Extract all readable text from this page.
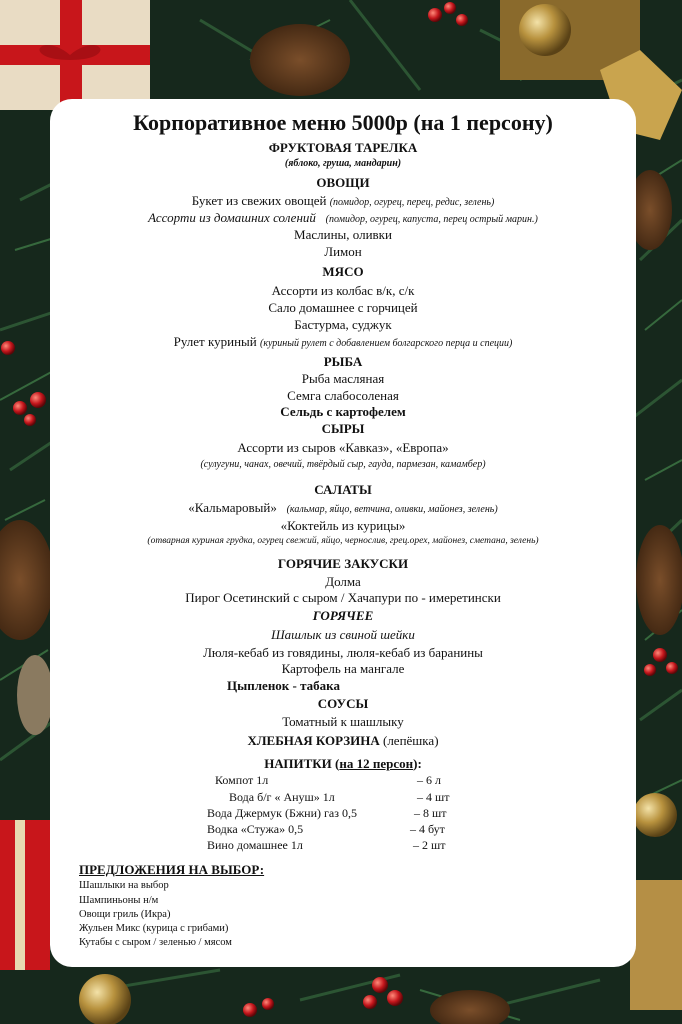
Корпоративное меню 5000р (на 1 персону)
ФРУКТОВАЯ ТАРЕЛКА
(яблоко, груша, мандарин)
ОВОЩИ
Букет из свежих овощей (помидор, огурец, перец, редис, зелень)
Ассорти из домашних солений (помидор, огурец, капуста, перец острый марин.)
Маслины, оливки
Лимон
МЯСО
Ассорти из колбас в/к, с/к
Сало домашнее с горчицей
Бастурма, суджук
Рулет куриный (куриный рулет с добавлением болгарского перца и специи)
РЫБА
Рыба масляная
Семга слабосоленая
Сельдь с картофелем
СЫРЫ
Ассорти из сыров «Кавказ», «Европа»
(сулугуни, чанах, овечий, твёрдый сыр, гауда, пармезан, камамбер)
САЛАТЫ
«Кальмаровый» (кальмар, яйцо, ветчина, оливки, майонез, зелень)
«Коктейль из курицы»
(отварная куриная грудка, огурец свежий, яйцо, чернослив, грец.орех, майонез, сметана, зелень)
ГОРЯЧИЕ ЗАКУСКИ
Долма
Пирог Осетинский с сыром / Хачапури по - имеретински
ГОРЯЧЕЕ
Шашлык из свиной шейки
Люля-кебаб из говядины, люля-кебаб из баранины
Картофель на мангале
Цыпленок - табака
СОУСЫ
Томатный к шашлыку
ХЛЕБНАЯ КОРЗИНА (лепёшка)
НАПИТКИ (на 12 персон):
Компот 1л	– 6 л
Вода б/г « Ануш» 1л	– 4 шт
Вода Джермук (Бжни) газ 0,5	– 8 шт
Водка «Стужа» 0,5	– 4 бут
Вино домашнее 1л	– 2 шт
ПРЕДЛОЖЕНИЯ НА ВЫБОР:
Шашлыки на выбор
Шампиньоны н/м
Овощи гриль (Икра)
Жульен Микс (курица с грибами)
Кутабы с сыром / зеленью / мясом
